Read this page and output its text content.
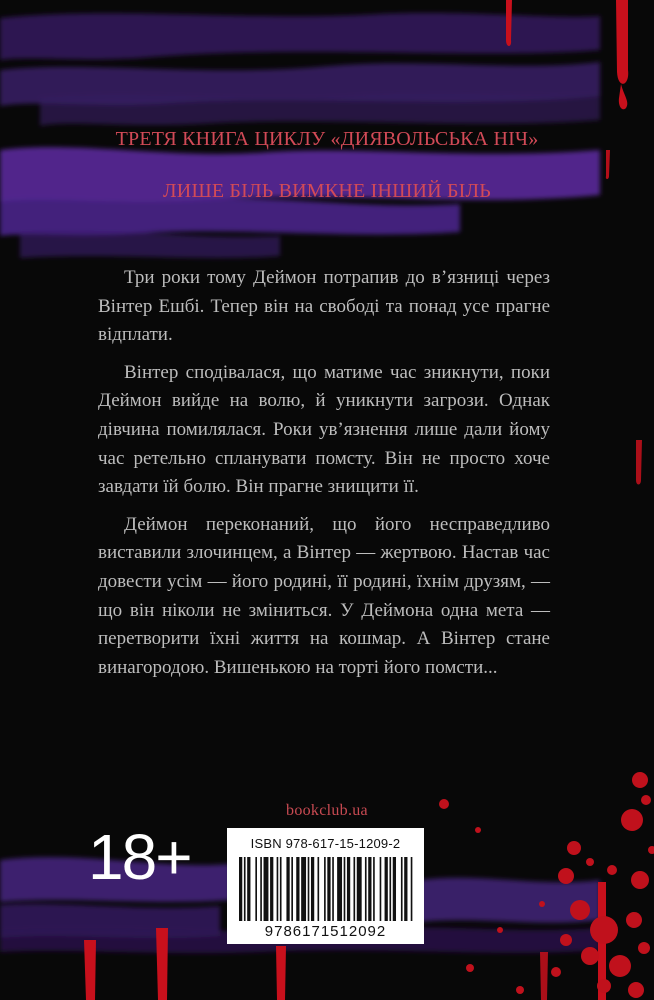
ТРЕТЯ КНИГА ЦИКЛУ «ДИЯВОЛЬСЬКА НІЧ»
ЛИШЕ БІЛЬ ВИМКНЕ ІНШИЙ БІЛЬ

Три роки тому Деймон потрапив до в’язниці через Вінтер Ешбі. Тепер він на свободі та понад усе прагне відплати.

Вінтер сподівалася, що матиме час зникнути, поки Деймон вийде на волю, й уникнути загрози. Однак дівчина помилялася. Роки ув’язнення лише дали йому час ретельно спланувати помсту. Він не просто хоче завдати їй болю. Він прагне знищити її.

Деймон переконаний, що його несправедливо виставили злочинцем, а Вінтер — жертвою. Настав час довести усім — його родині, її родині, їхнім друзям, — що він ніколи не зміниться. У Деймона одна мета — перетворити їхні життя на кошмар. А Вінтер стане винагородою. Вишенькою на торті його помсти...

bookclub.ua
18+	ISBN 978-617-15-1209-2
9786171512092
